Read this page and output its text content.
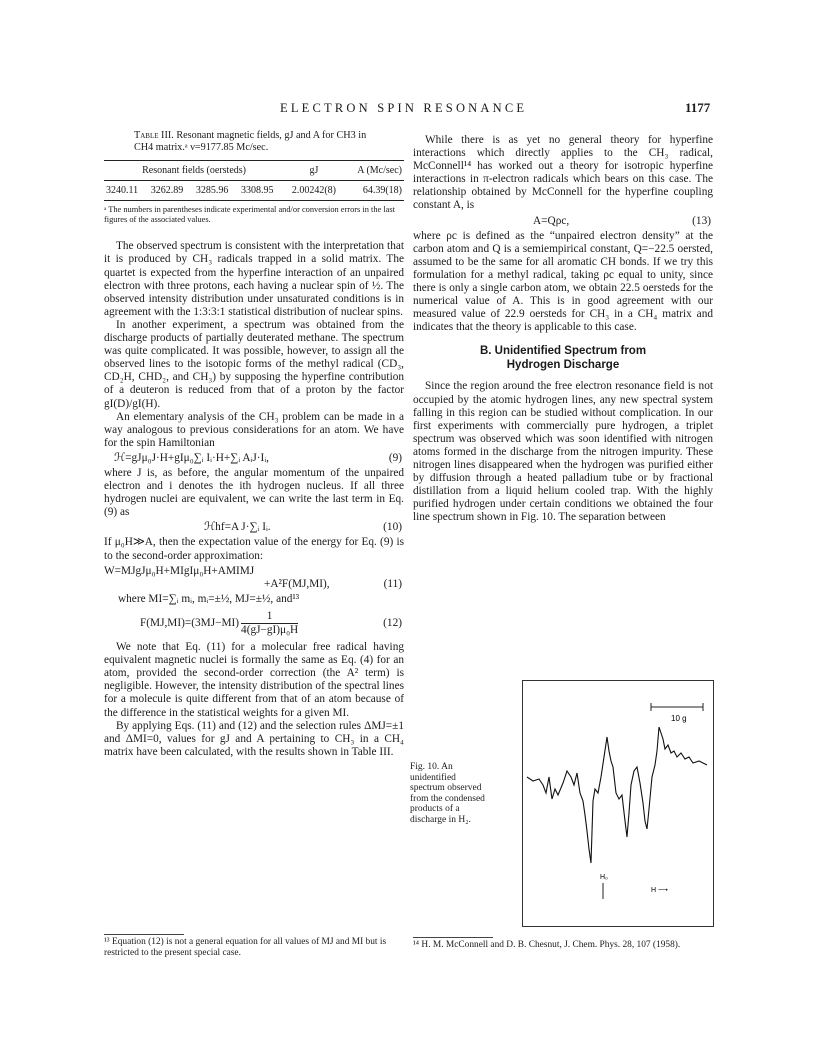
ELECTRON SPIN RESONANCE	1177
Table III. Resonant magnetic fields, gJ and A for CH3 in CH4 matrix.ᵃ ν=9177.85 Mc/sec.
Resonant fields (oersteds)				gJ	A (Mc/sec)
3240.11	3262.89	3285.96	3308.95	2.00242(8)	64.39(18)
ᵃ The numbers in parentheses indicate experimental and/or conversion errors in the last figures of the associated values.

The observed spectrum is consistent with the interpretation that it is produced by CH₃ radicals trapped in a solid matrix. The quartet is expected from the hyperfine interaction of an unpaired electron with three protons, each having a nuclear spin of ½. The observed intensity distribution under unsaturated conditions is in agreement with the 1:3:3:1 statistical distribution of nuclear spins.

In another experiment, a spectrum was obtained from the discharge products of partially deuterated methane. The spectrum was quite complicated. It was possible, however, to assign all the observed lines to the isotopic forms of the methyl radical (CD₃, CD₂H, CHD₂, and CH₃) by supposing the hyperfine contribution of a deuteron is reduced from that of a proton by the factor gI(D)/gI(H).

An elementary analysis of the CH₃ problem can be made in a way analogous to previous considerations for an atom. We have for the spin Hamiltonian

ℋ=gJμ₀J·H+gIμ₀∑ᵢ Iᵢ·H+∑ᵢ AᵢJ·Iᵢ,	(9)

where J is, as before, the angular momentum of the unpaired electron and i denotes the ith hydrogen nucleus. If all three hydrogen nuclei are equivalent, we can write the last term in Eq. (9) as

ℋhf=A J·∑ᵢ Iᵢ.	(10)

If μ₀H≫A, then the expectation value of the energy for Eq. (9) is to the second-order approximation:

W=MJgJμ₀H+MIgIμ₀H+AMIMJ
+A²F(MJ,MI),	(11)

where MI=∑ᵢ mᵢ, mᵢ=±½, MJ=±½, and¹³

$F(MJ,MI)=(3MJ-MI) \frac{1}{\text{4(gJ−gI)μ₀H}}$	(12)

We note that Eq. (11) for a molecular free radical having equivalent magnetic nuclei is formally the same as Eq. (4) for an atom, provided the second-order correction (the A² term) is negligible. However, the intensity distribution of the spectral lines for a molecule is quite different from that of an atom because of the difference in the statistical weights for a given MI.

By applying Eqs. (11) and (12) and the selection rules ΔMJ=±1 and ΔMI=0, values for gJ and A pertaining to CH₃ in a CH₄ matrix have been calculated, with the results shown in Table III.

¹³ Equation (12) is not a general equation for all values of MJ and MI but is restricted to the present special case.

While there is as yet no general theory for hyperfine interactions which directly applies to the CH₃ radical, McConnell¹⁴ has worked out a theory for isotropic hyperfine interactions in π-electron radicals which bears on this case. The relationship obtained by McConnell for the hyperfine coupling constant A, is

A=Qρc,	(13)

where ρc is defined as the “unpaired electron density” at the carbon atom and Q is a semiempirical constant, Q=−22.5 oersted, assumed to be the same for all aromatic CH bonds. If we try this formulation for a methyl radical, taking ρc equal to unity, since there is only a single carbon atom, we obtain 22.5 oersteds for the numerical value of A. This is in good agreement with our measured value of 22.9 oersteds for CH₃ in a CH₄ matrix and indicates that the theory is applicable to this case.

B. Unidentified Spectrum from
Hydrogen Discharge

Since the region around the free electron resonance field is not occupied by the atomic hydrogen lines, any new spectral system falling in this region can be studied without complication. In our first experiments with commercially pure hydrogen, a triplet spectrum was observed which was soon identified with nitrogen atoms formed in the discharge from the nitrogen impurity. These nitrogen lines disappeared when the hydrogen was purified either by diffusion through a heated palladium tube or by fractional distillation from a liquid helium cooled trap. With the highly purified hydrogen under certain conditions we obtained the four line spectrum shown in Fig. 10. The separation between

Fig. 10. An unidentified spectrum observed from the condensed products of a discharge in H₂.
10 ɡ
H₀
H ⟶
¹⁴ H. M. McConnell and D. B. Chesnut, J. Chem. Phys. 28, 107 (1958).
